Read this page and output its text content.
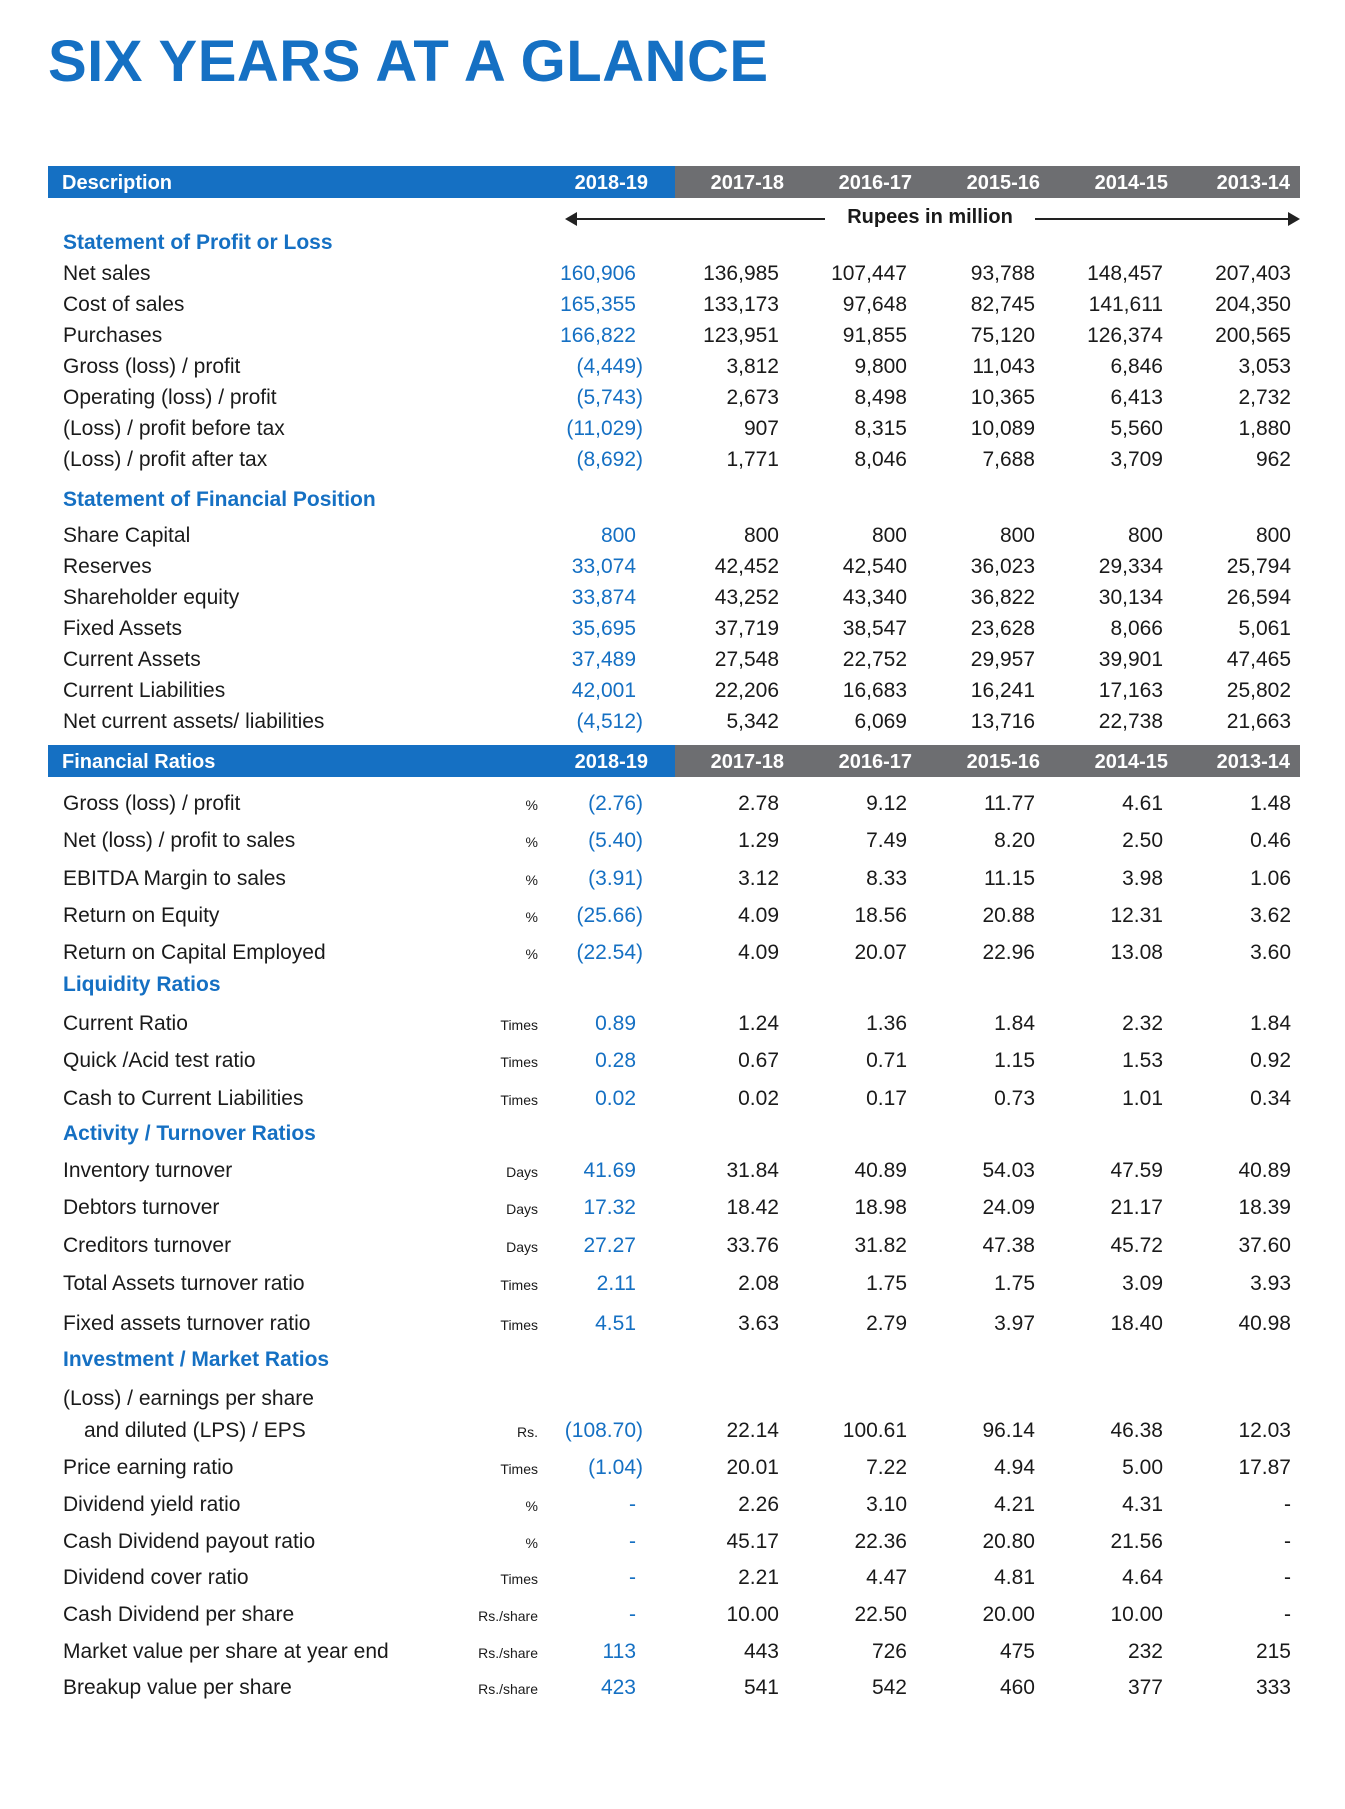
SIX YEARS AT A GLANCE
Description	2018-19	2017-18	2016-17	2015-16	2014-15 2013-14
Rupees in million
Statement of Profit or Loss
Net sales	160,906	136,985 107,447	93,788 148,457 207,403
Cost of sales	165,355	133,173	97,648	82,745	141,611 204,350
Purchases	166,822	123,951	91,855	75,120 126,374 200,565
Gross (loss) / profit	(4,449)	3,812	9,800	11,043	6,846	3,053
Operating (loss) / profit	(5,743)	2,673	8,498	10,365	6,413	2,732
(Loss) / profit before tax	(11,029)	907	8,315	10,089	5,560	1,880
(Loss) / profit after tax	(8,692)	1,771	8,046	7,688	3,709	962
Statement of Financial Position
Share Capital	800	800	800	800	800	800
Reserves	33,074	42,452	42,540	36,023	29,334	25,794
Shareholder equity	33,874	43,252	43,340	36,822	30,134	26,594
Fixed Assets	35,695	37,719	38,547	23,628	8,066	5,061
Current Assets	37,489	27,548	22,752	29,957	39,901	47,465
Current Liabilities	42,001	22,206	16,683	16,241	17,163	25,802
Net current assets/ liabilities	(4,512)	5,342	6,069	13,716	22,738	21,663
Financial Ratios	2018-19	2017-18	2016-17	2015-16	2014-15 2013-14
Gross (loss) / profit	% (2.76)	2.78	9.12	11.77	4.61	1.48
Net (loss) / profit to sales	% (5.40)	1.29	7.49	8.20	2.50	0.46
EBITDA Margin to sales	% (3.91)	3.12	8.33	11.15	3.98	1.06
Return on Equity	% (25.66)	4.09	18.56	20.88	12.31	3.62
Return on Capital Employed	% (22.54)	4.09	20.07	22.96	13.08	3.60
Liquidity Ratios
Current Ratio	Times	0.89	1.24	1.36	1.84	2.32	1.84
Quick /Acid test ratio	Times	0.28	0.67	0.71	1.15	1.53	0.92
Cash to Current Liabilities	Times	0.02	0.02	0.17	0.73	1.01	0.34
Activity / Turnover Ratios
Inventory turnover	Days 41.69	31.84	40.89	54.03	47.59	40.89
Debtors turnover	Days 17.32	18.42	18.98	24.09	21.17	18.39
Creditors turnover	Days 27.27	33.76	31.82	47.38	45.72	37.60
Total Assets turnover ratio	Times	2.11	2.08	1.75	1.75	3.09	3.93
Fixed assets turnover ratio	Times	4.51	3.63	2.79	3.97	18.40	40.98
Investment / Market Ratios
(Loss) / earnings per share
and diluted (LPS) / EPS	Rs. (108.70)	22.14	100.61	96.14	46.38	12.03
Price earning ratio	Times (1.04)	20.01	7.22	4.94	5.00	17.87
Dividend yield ratio	%	-	2.26	3.10	4.21	4.31	-
Cash Dividend payout ratio	%	-	45.17	22.36	20.80	21.56	-
Dividend cover ratio	Times	-	2.21	4.47	4.81	4.64	-
Cash Dividend per share	Rs./share	-	10.00	22.50	20.00	10.00	-
Market value per share at year end	Rs./share	113	443	726	475	232	215
Breakup value per share	Rs./share	423	541	542	460	377	333
